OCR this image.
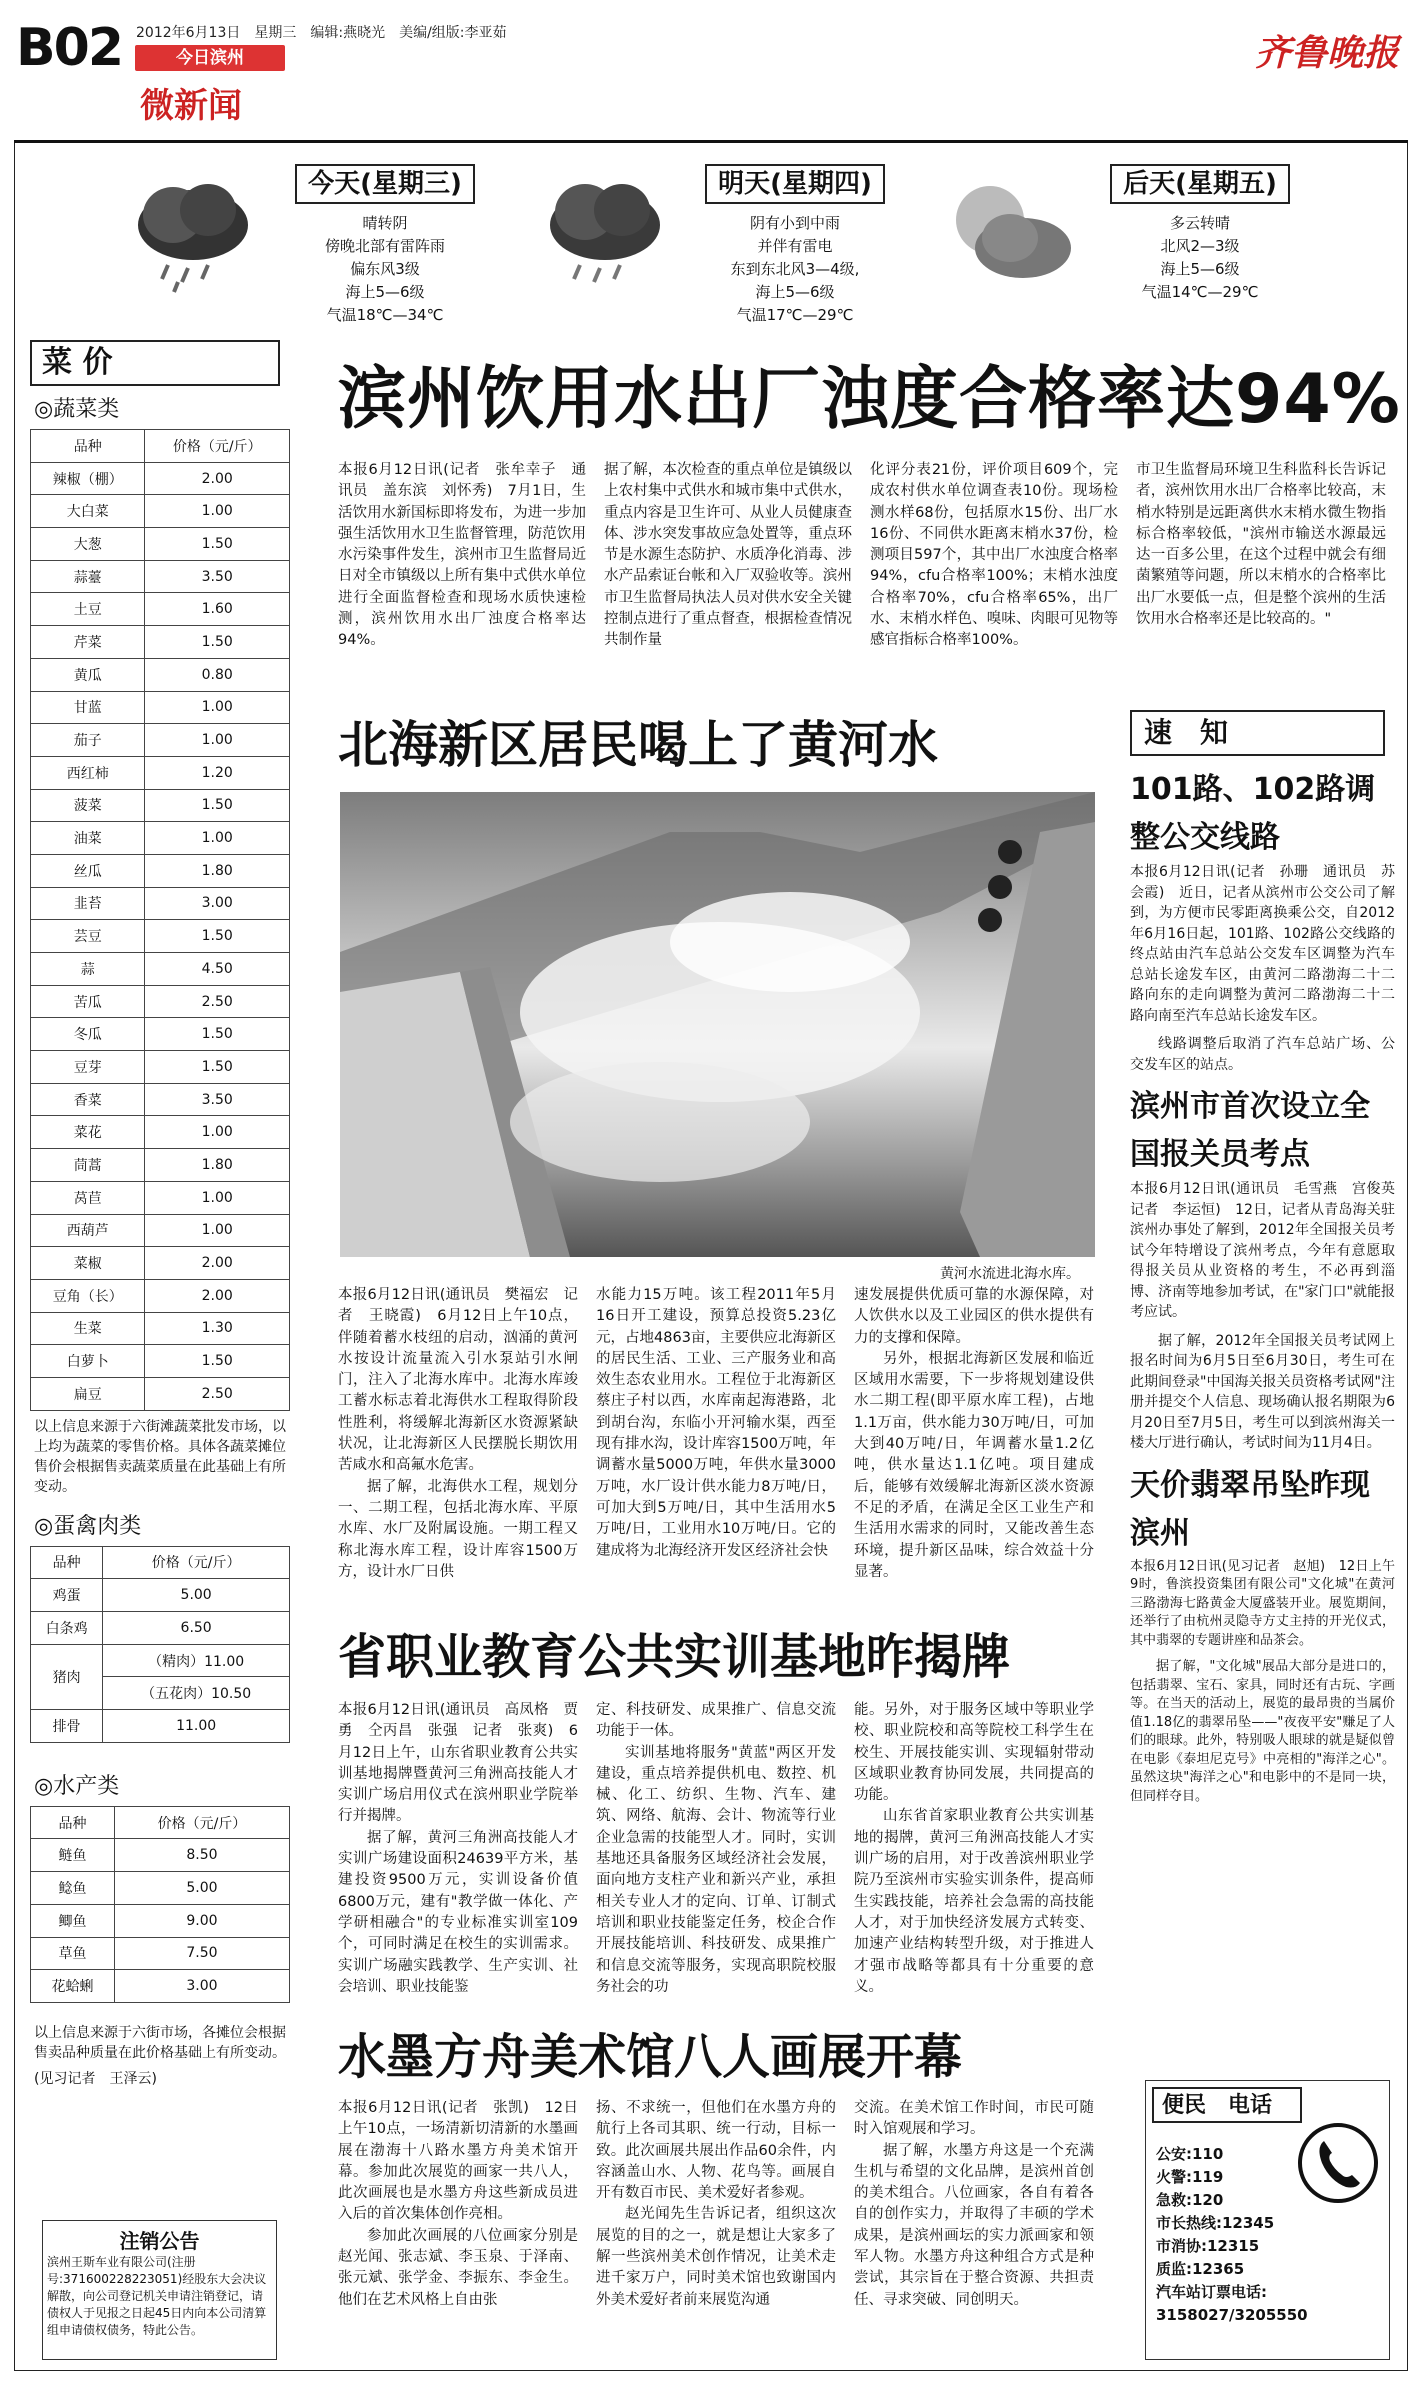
B02 2012年6月13日　星期三　编辑:燕晓光　美编/组版:李亚茹
今日滨州
微新闻
齐鲁晚报
今天(星期三)
晴转阴
傍晚北部有雷阵雨
偏东风3级
海上5—6级
气温18℃—34℃
明天(星期四)
阴有小到中雨
并伴有雷电
东到东北风3—4级,
海上5—6级
气温17℃—29℃
后天(星期五)
多云转晴
北风2—3级
海上5—6级
气温14℃—29℃
菜 价
◎蔬菜类
品种	价格（元/斤）
辣椒（棚）	2.00
大白菜	1.00
大葱	1.50
蒜薹	3.50
土豆	1.60
芹菜	1.50
黄瓜	0.80
甘蓝	1.00
茄子	1.00
西红柿	1.20
菠菜	1.50
油菜	1.00
丝瓜	1.80
韭苔	3.00
芸豆	1.50
蒜	4.50
苦瓜	2.50
冬瓜	1.50
豆芽	1.50
香菜	3.50
菜花	1.00
茼蒿	1.80
莴苣	1.00
西葫芦	1.00
菜椒	2.00
豆角（长）	2.00
生菜	1.30
白萝卜	1.50
扁豆	2.50
以上信息来源于六街滩蔬菜批发市场，以上均为蔬菜的零售价格。具体各蔬菜摊位售价会根据售卖蔬菜质量在此基础上有所变动。
◎蛋禽肉类
品种	价格（元/斤）
鸡蛋	5.00
白条鸡	6.50
猪肉	（精肉）11.00
	（五花肉）10.50
排骨	11.00
◎水产类
品种	价格（元/斤）
鲢鱼	8.50
鲶鱼	5.00
鲫鱼	9.00
草鱼	7.50
花蛤蜊	3.00
以上信息来源于六街市场，各摊位会根据售卖品种质量在此价格基础上有所变动。
(见习记者　王泽云)
注销公告
滨州王斯车业有限公司(注册号:371600228223051)经股东大会决议解散，向公司登记机关申请注销登记，请债权人于见报之日起45日内向本公司清算组申请债权债务，特此公告。
滨州饮用水出厂浊度合格率达94%
本报6月12日讯(记者　张牟幸子　通讯员　盖东滨　刘怀秀)　7月1日，生活饮用水新国标即将发布，为进一步加强生活饮用水卫生监督管理，防范饮用水污染事件发生，滨州市卫生监督局近日对全市镇级以上所有集中式供水单位进行全面监督检查和现场水质快速检测，滨州饮用水出厂浊度合格率达94%。
据了解，本次检查的重点单位是镇级以上农村集中式供水和城市集中式供水，重点内容是卫生许可、从业人员健康查体、涉水突发事故应急处置等，重点环节是水源生态防护、水质净化消毒、涉水产品索证台帐和入厂双验收等。滨州市卫生监督局执法人员对供水安全关键控制点进行了重点督查，根据检查情况共制作量
化评分表21份，评价项目609个，完成农村供水单位调查表10份。现场检测水样68份，包括原水15份、出厂水16份、不同供水距离末梢水37份，检测项目597个，其中出厂水浊度合格率94%，cfu合格率100%；末梢水浊度合格率70%，cfu合格率65%，出厂水、末梢水样色、嗅味、肉眼可见物等感官指标合格率100%。
市卫生监督局环境卫生科监科长告诉记者，滨州饮用水出厂合格率比较高，末梢水特别是远距离供水末梢水微生物指标合格率较低，"滨州市输送水源最远达一百多公里，在这个过程中就会有细菌繁殖等问题，所以末梢水的合格率比出厂水要低一点，但是整个滨州的生活饮用水合格率还是比较高的。"
北海新区居民喝上了黄河水
黄河水流进北海水库。

本报6月12日讯(通讯员　樊福宏　记者　王晓霞)　6月12日上午10点，伴随着蓄水枝纽的启动，汹涌的黄河水按设计流量流入引水泵站引水闸门，注入了北海水库中。北海水库竣工蓄水标志着北海供水工程取得阶段性胜利，将缓解北海新区水资源紧缺状况，让北海新区人民摆脱长期饮用苦咸水和高氟水危害。

据了解，北海供水工程，规划分一、二期工程，包括北海水库、平原水库、水厂及附属设施。一期工程又称北海水库工程，设计库容1500万方，设计水厂日供

水能力15万吨。该工程2011年5月16日开工建设，预算总投资5.23亿元，占地4863亩，主要供应北海新区的居民生活、工业、三产服务业和高效生态农业用水。工程位于北海新区蔡庄子村以西，水库南起海港路，北到胡台沟，东临小开河输水渠，西至现有排水沟，设计库容1500万吨，年调蓄水量5000万吨，年供水量3000万吨，水厂设计供水能力8万吨/日，可加大到5万吨/日，其中生活用水5万吨/日，工业用水10万吨/日。它的建成将为北海经济开发区经济社会快

速发展提供优质可靠的水源保障，对人饮供水以及工业园区的供水提供有力的支撑和保障。

另外，根据北海新区发展和临近区域用水需要，下一步将规划建设供水二期工程(即平原水库工程)，占地1.1万亩，供水能力30万吨/日，可加大到40万吨/日，年调蓄水量1.2亿吨，供水量达1.1亿吨。项目建成后，能够有效缓解北海新区淡水资源不足的矛盾，在满足全区工业生产和生活用水需求的同时，又能改善生态环境，提升新区品味，综合效益十分显著。

省职业教育公共实训基地昨揭牌

本报6月12日讯(通讯员　高凤格　贾勇　仝丙昌　张强　记者　张爽)　6月12日上午，山东省职业教育公共实训基地揭牌暨黄河三角洲高技能人才实训广场启用仪式在滨州职业学院举行并揭牌。

据了解，黄河三角洲高技能人才实训广场建设面积24639平方米，基建投资9500万元，实训设备价值6800万元，建有"教学做一体化、产学研相融合"的专业标准实训室109个，可同时满足在校生的实训需求。实训广场融实践教学、生产实训、社会培训、职业技能鉴

定、科技研发、成果推广、信息交流功能于一体。

实训基地将服务"黄蓝"两区开发建设，重点培养提供机电、数控、机械、化工、纺织、生物、汽车、建筑、网络、航海、会计、物流等行业企业急需的技能型人才。同时，实训基地还具备服务区域经济社会发展，面向地方支柱产业和新兴产业，承担相关专业人才的定向、订单、订制式培训和职业技能鉴定任务，校企合作开展技能培训、科技研发、成果推广和信息交流等服务，实现高职院校服务社会的功

能。另外，对于服务区域中等职业学校、职业院校和高等院校工科学生在校生、开展技能实训、实现辐射带动区域职业教育协同发展，共同提高的功能。

山东省首家职业教育公共实训基地的揭牌，黄河三角洲高技能人才实训广场的启用，对于改善滨州职业学院乃至滨州市实验实训条件，提高师生实践技能，培养社会急需的高技能人才，对于加快经济发展方式转变、加速产业结构转型升级，对于推进人才强市战略等都具有十分重要的意义。

水墨方舟美术馆八人画展开幕

本报6月12日讯(记者　张凯)　12日上午10点，一场清新切清新的水墨画展在渤海十八路水墨方舟美术馆开幕。参加此次展览的画家一共八人，此次画展也是水墨方舟这些新成员进入后的首次集体创作亮相。

参加此次画展的八位画家分别是赵光闻、张志斌、李玉泉、于泽南、张元斌、张学金、李振东、李金生。他们在艺术风格上自由张

扬、不求统一，但他们在水墨方舟的航行上各司其职、统一行动，目标一致。此次画展共展出作品60余件，内容涵盖山水、人物、花鸟等。画展自开有数百市民、美术爱好者参观。

赵光闻先生告诉记者，组织这次展览的目的之一，就是想让大家多了解一些滨州美术创作情况，让美术走进千家万户，同时美术馆也致谢国内外美术爱好者前来展览沟通

交流。在美术馆工作时间，市民可随时入馆观展和学习。

据了解，水墨方舟这是一个充满生机与希望的文化品牌，是滨州首创的美术组合。八位画家，各自有着各自的创作实力，并取得了丰硕的学术成果，是滨州画坛的实力派画家和领军人物。水墨方舟这种组合方式是种尝试，其宗旨在于整合资源、共担责任、寻求突破、同创明天。

速　知
101路、102路调整公交线路
本报6月12日讯(记者　孙珊　通讯员　苏会霞)　近日，记者从滨州市公交公司了解到，为方便市民零距离换乘公交，自2012年6月16日起，101路、102路公交线路的终点站由汽车总站公交发车区调整为汽车总站长途发车区，由黄河二路渤海二十二路向东的走向调整为黄河二路渤海二十二路向南至汽车总站长途发车区。
线路调整后取消了汽车总站广场、公交发车区的站点。
滨州市首次设立全国报关员考点
本报6月12日讯(通讯员　毛雪燕　宫俊英　记者　李运恒)　12日，记者从青岛海关驻滨州办事处了解到，2012年全国报关员考试今年特增设了滨州考点，今年有意愿取得报关员从业资格的考生，不必再到淄博、济南等地参加考试，在"家门口"就能报考应试。
据了解，2012年全国报关员考试网上报名时间为6月5日至6月30日，考生可在此期间登录"中国海关报关员资格考试网"注册并提交个人信息、现场确认报名期限为6月20日至7月5日，考生可以到滨州海关一楼大厅进行确认，考试时间为11月4日。
天价翡翠吊坠昨现滨州
本报6月12日讯(见习记者　赵旭)　12日上午9时，鲁滨投资集团有限公司"文化城"在黄河三路渤海七路黄金大厦盛装开业。展览期间，还举行了由杭州灵隐寺方丈主持的开光仪式，其中翡翠的专题讲座和品茶会。
据了解，"文化城"展品大部分是进口的，包括翡翠、宝石、家具，同时还有古玩、字画等。在当天的活动上，展览的最昂贵的当属价值1.18亿的翡翠吊坠——"夜夜平安"赚足了人们的眼球。此外，特别吸人眼球的就是疑似曾在电影《泰坦尼克号》中亮相的"海洋之心"。虽然这块"海洋之心"和电影中的不是同一块，但同样夺目。
便民　电话
公安:110
火警:119
急救:120
市长热线:12345
市消协:12315
质监:12365
汽车站订票电话:
3158027/3205550
